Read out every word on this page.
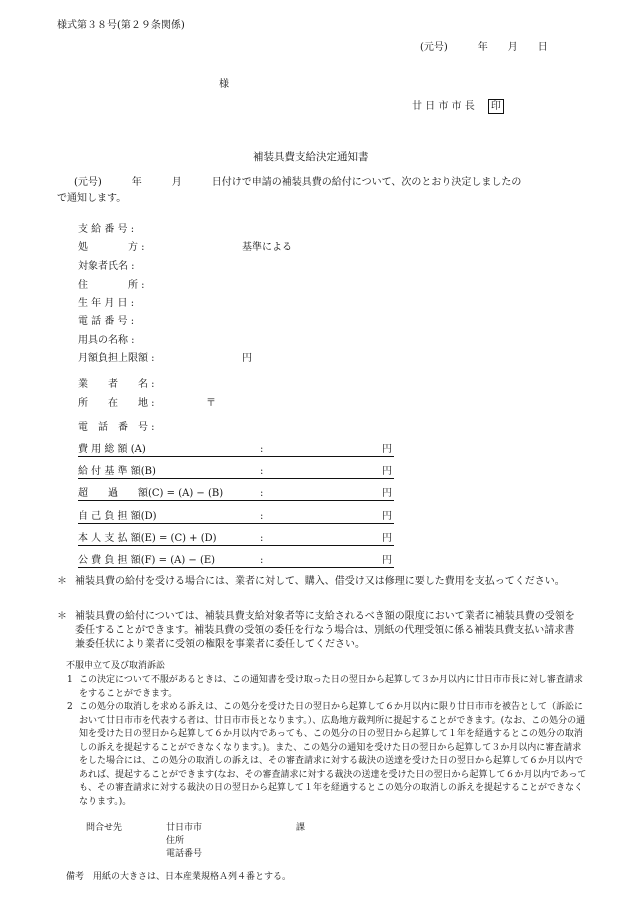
様式第３８号(第２９条関係)
(元号)　　　年　　月　　日
様
廿 日 市 市 長 印
補装具費支給決定通知書
(元号)　　　年　　　月　　　日付けで申請の補装具費の給付について、次のとおり決定しましたの
で通知します。
支 給 番 号 :
処　　　　方 :	基準による
対象者氏名 :
住　　　　所 :
生 年 月 日 :
電 話 番 号 :
用具の名称 :
月額負担上限額 :	円
業　　者　　名 :
所　　在　　地 :	〒
電　話　番　号 :
費 用 総 額 (A)	:	円
給 付 基 準 額(B)	:	円
超　　過　　額(C) = (A) − (B)	:	円
自 己 負 担 額(D)	:	円
本 人 支 払 額(E) = (C) + (D)	:	円
公 費 負 担 額(F) = (A) − (E)	:	円
＊ 補装具費の給付を受ける場合には、業者に対して、購入、借受け又は修理に要した費用を支払ってください。
＊ 補装具費の給付については、補装具費支給対象者等に支給されるべき額の限度において業者に補装具費の受領を委任することができます。補装具費の受領の委任を行なう場合は、別紙の代理受領に係る補装具費支払い請求書兼委任状により業者に受領の権限を事業者に委任してください。
不服申立て及び取消訴訟
1 この決定について不服があるときは、この通知書を受け取った日の翌日から起算して３か月以内に廿日市市長に対し審査請求をすることができます。
2 この処分の取消しを求める訴えは、この処分を受けた日の翌日から起算して６か月以内に限り廿日市市を被告として（訴訟において廿日市市を代表する者は、廿日市市長となります。）、広島地方裁判所に提起することができます。(なお、この処分の通知を受けた日の翌日から起算して６か月以内であっても、この処分の日の翌日から起算して１年を経過するとこの処分の取消しの訴えを提起することができなくなります。)。また、この処分の通知を受けた日の翌日から起算して３か月以内に審査請求をした場合には、この処分の取消しの訴えは、その審査請求に対する裁決の送達を受けた日の翌日から起算して６か月以内であれば、提起することができます(なお、その審査請求に対する裁決の送達を受けた日の翌日から起算して６か月以内であっても、その審査請求に対する裁決の日の翌日から起算して１年を経過するとこの処分の取消しの訴えを提起することができなくなります。)。
問合せ先	廿日市市	課
住所
電話番号
備考　用紙の大きさは、日本産業規格Ａ列４番とする。
